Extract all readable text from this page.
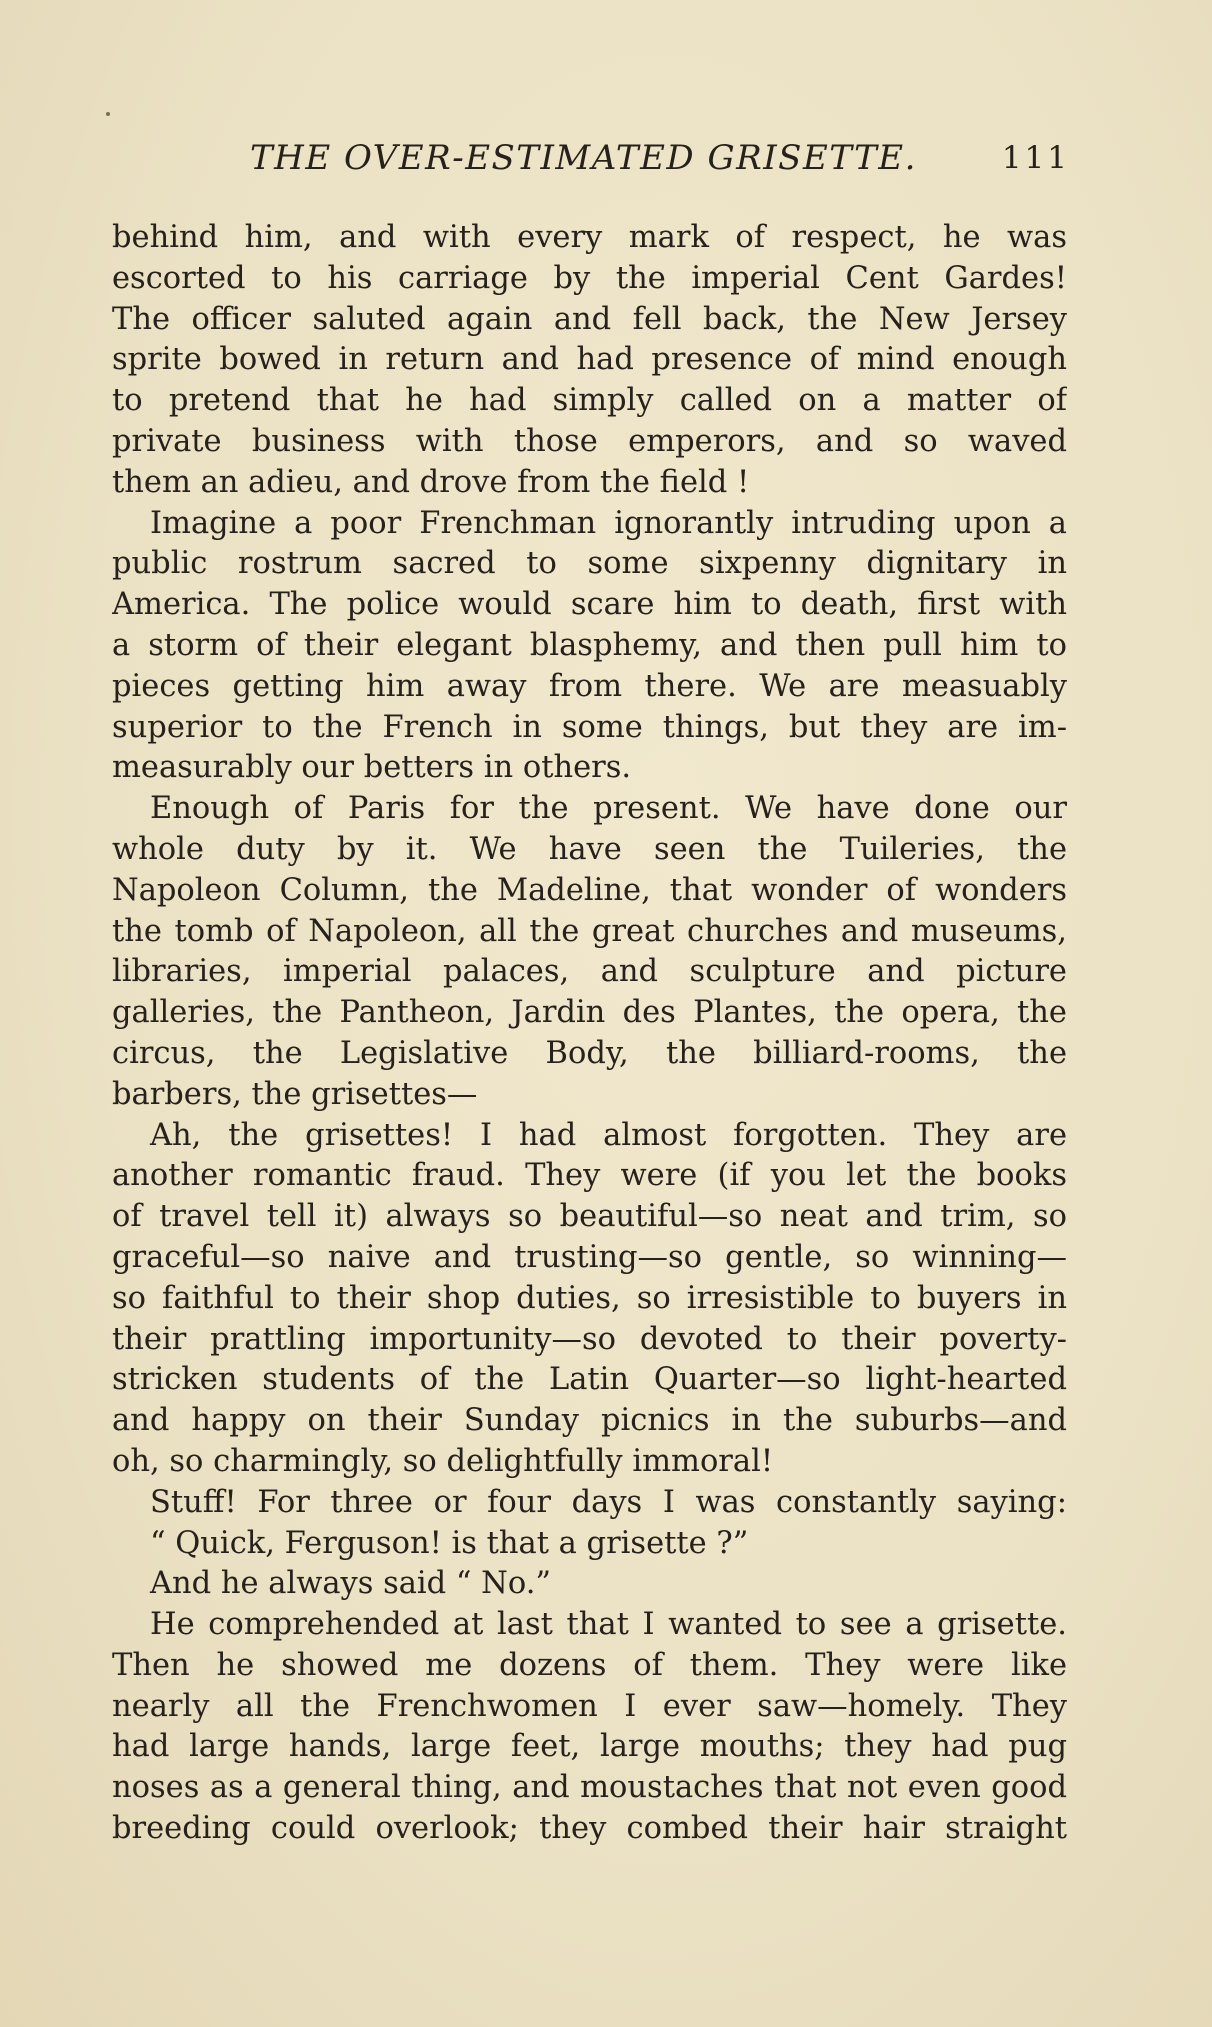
THE OVER-ESTIMATED GRISETTE.	111
behind him, and with every mark of respect, he was
escorted to his carriage by the imperial Cent Gardes!
The officer saluted again and fell back, the New Jersey
sprite bowed in return and had presence of mind enough
to pretend that he had simply called on a matter of
private business with those emperors, and so waved
them an adieu, and drove from the field !
Imagine a poor Frenchman ignorantly intruding upon a
public rostrum sacred to some sixpenny dignitary in
America. The police would scare him to death, first with
a storm of their elegant blasphemy, and then pull him to
pieces getting him away from there. We are measuably
superior to the French in some things, but they are im-
measurably our betters in others.
Enough of Paris for the present. We have done our
whole duty by it. We have seen the Tuileries, the
Napoleon Column, the Madeline, that wonder of wonders
the tomb of Napoleon, all the great churches and museums,
libraries, imperial palaces, and sculpture and picture
galleries, the Pantheon, Jardin des Plantes, the opera, the
circus, the Legislative Body, the billiard-rooms, the
barbers, the grisettes—
Ah, the grisettes! I had almost forgotten. They are
another romantic fraud. They were (if you let the books
of travel tell it) always so beautiful—so neat and trim, so
graceful—so naive and trusting—so gentle, so winning—
so faithful to their shop duties, so irresistible to buyers in
their prattling importunity—so devoted to their poverty-
stricken students of the Latin Quarter—so light-hearted
and happy on their Sunday picnics in the suburbs—and
oh, so charmingly, so delightfully immoral!
Stuff! For three or four days I was constantly saying:
“ Quick, Ferguson! is that a grisette ?”
And he always said “ No.”
He comprehended at last that I wanted to see a grisette.
Then he showed me dozens of them. They were like
nearly all the Frenchwomen I ever saw—homely. They
had large hands, large feet, large mouths; they had pug
noses as a general thing, and moustaches that not even good
breeding could overlook; they combed their hair straight
